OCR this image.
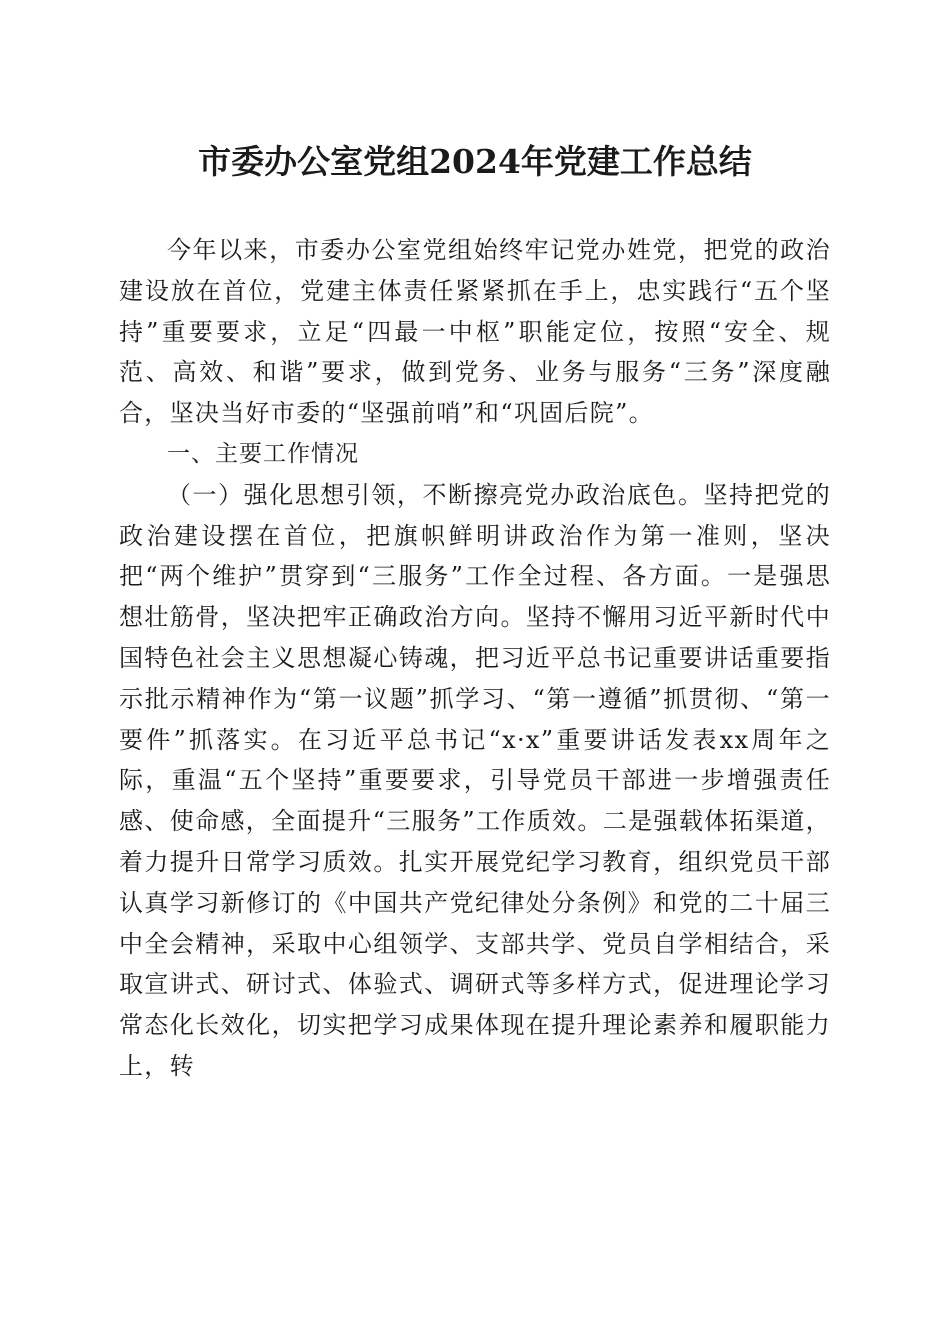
市委办公室党组2024年党建工作总结

今年以来，市委办公室党组始终牢记党办姓党，把党的政治建设放在首位，党建主体责任紧紧抓在手上，忠实践行“五个坚持”重要要求，立足“四最一中枢”职能定位，按照“安全、规范、高效、和谐”要求，做到党务、业务与服务“三务”深度融合，坚决当好市委的“坚强前哨”和“巩固后院”。

一、主要工作情况

（一）强化思想引领，不断擦亮党办政治底色。坚持把党的政治建设摆在首位，把旗帜鲜明讲政治作为第一准则，坚决把“两个维护”贯穿到“三服务”工作全过程、各方面。一是强思想壮筋骨，坚决把牢正确政治方向。坚持不懈用习近平新时代中国特色社会主义思想凝心铸魂，把习近平总书记重要讲话重要指示批示精神作为“第一议题”抓学习、“第一遵循”抓贯彻、“第一要件”抓落实。在习近平总书记“x·x”重要讲话发表xx周年之际，重温“五个坚持”重要要求，引导党员干部进一步增强责任感、使命感，全面提升“三服务”工作质效。二是强载体拓渠道，着力提升日常学习质效。扎实开展党纪学习教育，组织党员干部认真学习新修订的《中国共产党纪律处分条例》和党的二十届三中全会精神，采取中心组领学、支部共学、党员自学相结合，采取宣讲式、研讨式、体验式、调研式等多样方式，促进理论学习常态化长效化，切实把学习成果体现在提升理论素养和履职能力上，转
